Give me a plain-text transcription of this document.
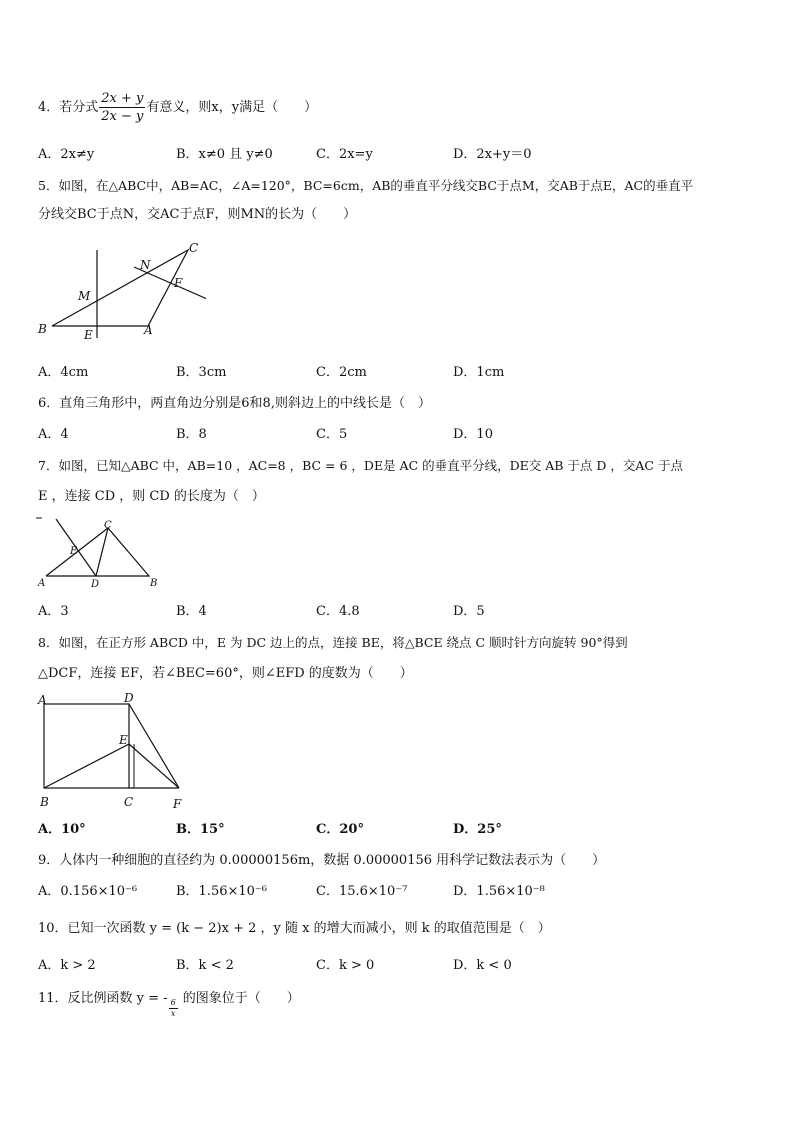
4．若分式 $\frac{2x + y}{2x - y}$ 有意义，则x，y满足（　　）
A．2x≠y	B．x≠0 且 y≠0	C．2x=y	D．2x+y＝0
5．如图，在△ABC中，AB=AC，∠A=120°，BC=6cm，AB的垂直平分线交BC于点M，交AB于点E，AC的垂直平
分线交BC于点N，交AC于点F，则MN的长为（　　）
C
N
F
M
B	E	A
A．4cm	B．3cm	C．2cm	D．1cm
6．直角三角形中，两直角边分别是6和8,则斜边上的中线长是（　）
A．4	B．8	C．5	D．10
7．如图，已知△ABC 中，AB=10 ，AC=8 ，BC = 6 ，DE是 AC 的垂直平分线，DE交 AB 于点 D ，交AC 于点
E ，连接 CD ，则 CD 的长度为（　）
C
E
A	D	B
A．3	B．4	C．4.8	D．5
8．如图，在正方形 ABCD 中，E 为 DC 边上的点，连接 BE，将△BCE 绕点 C 顺时针方向旋转 90°得到
△DCF，连接 EF，若∠BEC=60°，则∠EFD 的度数为（　　）
A	D
E
B	C	F
A．10°	B．15°	C．20°	D．25°
9．人体内一种细胞的直径约为 0.00000156m，数据 0.00000156 用科学记数法表示为（　　）
A．0.156×10⁻⁶	B．1.56×10⁻⁶	C．15.6×10⁻⁷	D．1.56×10⁻⁸
10．已知一次函数 y = (k − 2)x + 2 ，y 随 x 的增大而减小，则 k 的取值范围是（　）
A．k > 2	B．k < 2	C．k > 0	D．k < 0
11．反比例函数 y = - $\frac{6}{x}$ 的图象位于（　　）
